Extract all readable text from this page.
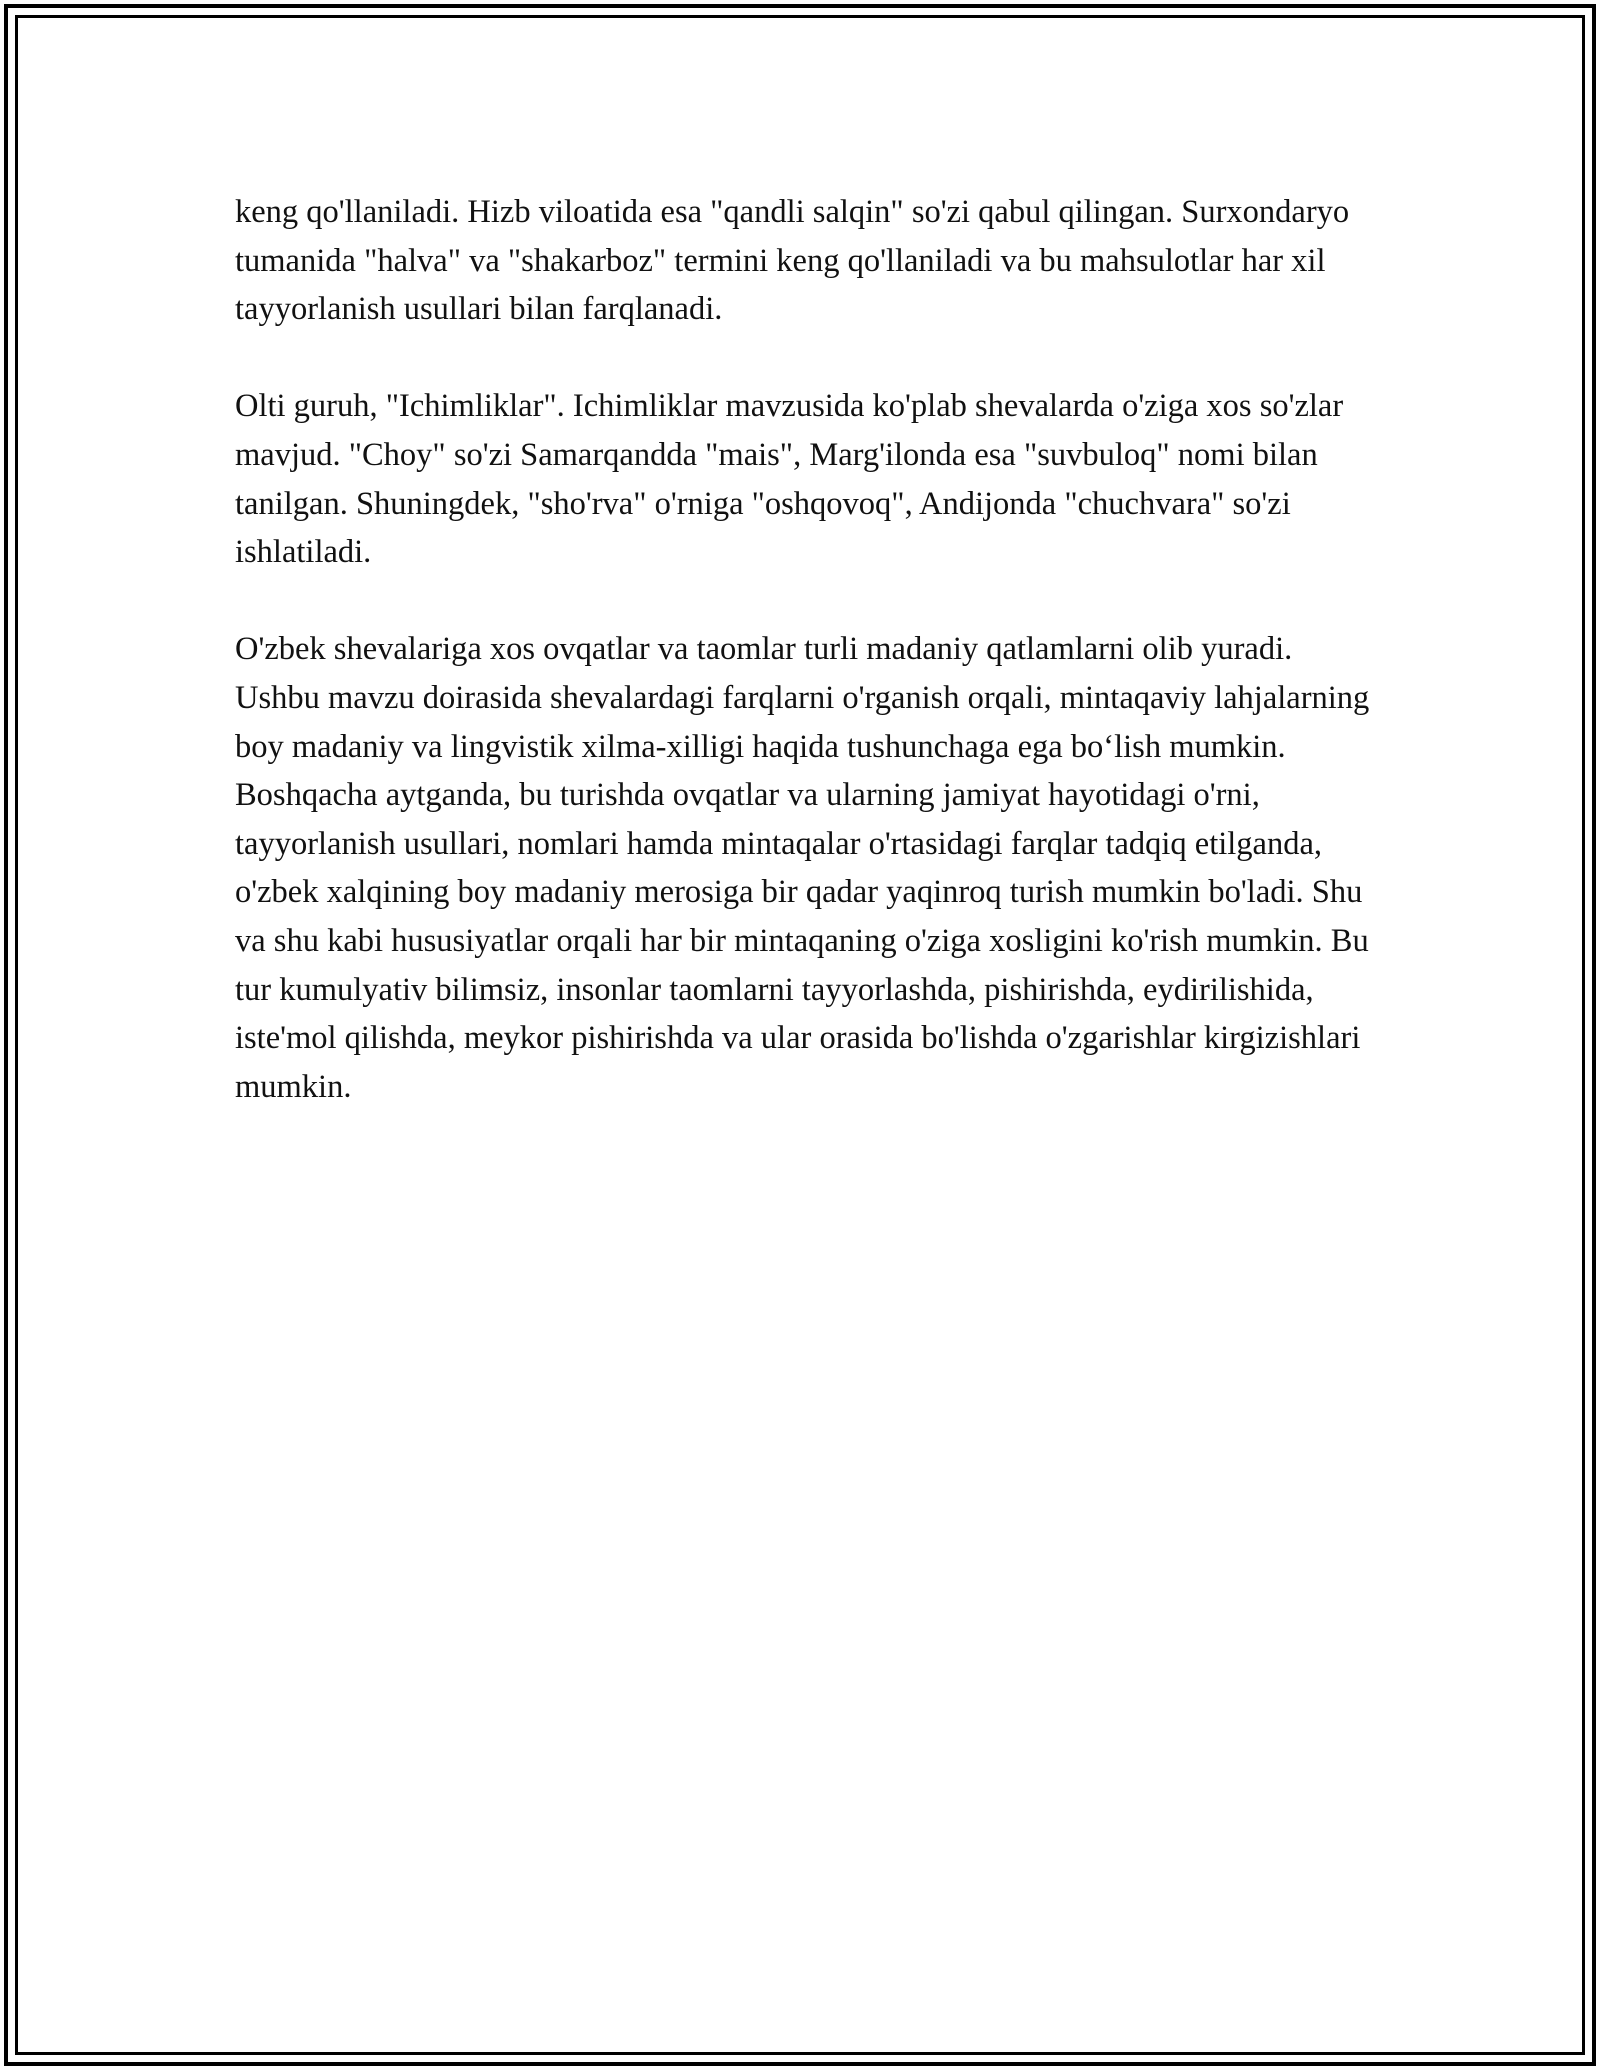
keng qo'llaniladi. Hizb viloatida esa "qandli salqin" so'zi qabul qilingan. Surxondaryo tumanida "halva" va "shakarboz" termini keng qo'llaniladi va bu mahsulotlar har xil tayyorlanish usullari bilan farqlanadi.

Olti guruh, "Ichimliklar". Ichimliklar mavzusida ko'plab shevalarda o'ziga xos so'zlar mavjud. "Choy" so'zi Samarqandda "mais", Marg'ilonda esa "suvbuloq" nomi bilan tanilgan. Shuningdek, "sho'rva" o'rniga "oshqovoq", Andijonda "chuchvara" so'zi ishlatiladi.

O'zbek shevalariga xos ovqatlar va taomlar turli madaniy qatlamlarni olib yuradi. Ushbu mavzu doirasida shevalardagi farqlarni o'rganish orqali, mintaqaviy lahjalarning boy madaniy va lingvistik xilma-xilligi haqida tushunchaga ega bo‘lish mumkin. Boshqacha aytganda, bu turishda ovqatlar va ularning jamiyat hayotidagi o'rni, tayyorlanish usullari, nomlari hamda mintaqalar o'rtasidagi farqlar tadqiq etilganda, o'zbek xalqining boy madaniy merosiga bir qadar yaqinroq turish mumkin bo'ladi. Shu va shu kabi hususiyatlar orqali har bir mintaqaning o'ziga xosligini ko'rish mumkin. Bu tur kumulyativ bilimsiz, insonlar taomlarni tayyorlashda, pishirishda, eydirilishida, iste'mol qilishda, meykor pishirishda va ular orasida bo'lishda o'zgarishlar kirgizishlari mumkin.
